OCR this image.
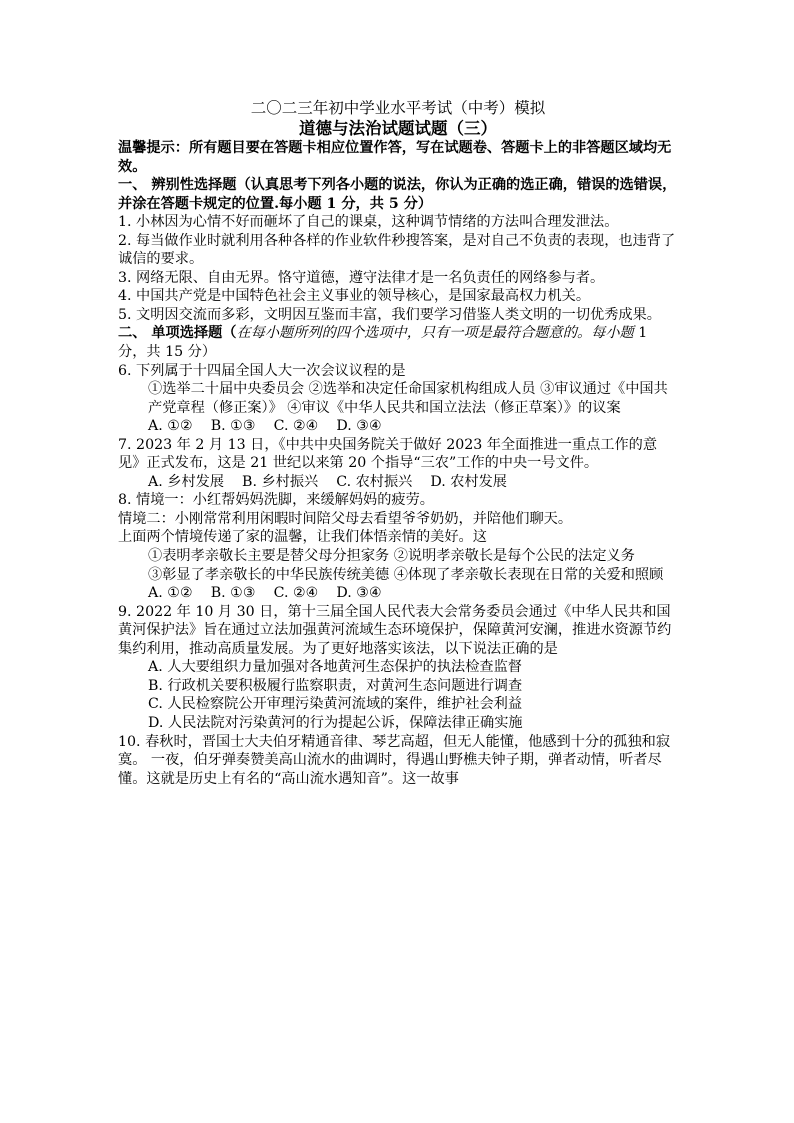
二〇二三年初中学业水平考试（中考）模拟

道德与法治试题试题（三）

温馨提示：所有题目要在答题卡相应位置作答，写在试题卷、答题卡上的非答题区域均无效。

一、 辨别性选择题（认真思考下列各小题的说法，你认为正确的选正确，错误的选错误，并涂在答题卡规定的位置.每小题 1 分，共 5 分）

1. 小林因为心情不好而砸坏了自己的课桌，这种调节情绪的方法叫合理发泄法。

2. 每当做作业时就利用各种各样的作业软件秒搜答案，是对自己不负责的表现，也违背了诚信的要求。

3. 网络无限、自由无界。恪守道德，遵守法律才是一名负责任的网络参与者。

4. 中国共产党是中国特色社会主义事业的领导核心，是国家最高权力机关。

5. 文明因交流而多彩，文明因互鉴而丰富，我们要学习借鉴人类文明的一切优秀成果。

二、 单项选择题（在每小题所列的四个选项中，只有一项是最符合题意的。每小题 1 分，共 15 分）

6. 下列属于十四届全国人大一次会议议程的是

①选举二十届中央委员会 ②选举和决定任命国家机构组成人员 ③审议通过《中国共产党章程（修正案）》 ④审议《中华人民共和国立法法（修正草案）》的议案

A. ①② B. ①③ C. ②④ D. ③④

7. 2023 年 2 月 13 日，《中共中央国务院关于做好 2023 年全面推进一重点工作的意见》正式发布，这是 21 世纪以来第 20 个指导“三农”工作的中央一号文件。

A. 乡村发展 B. 乡村振兴 C. 农村振兴 D. 农村发展

8. 情境一：小红帮妈妈洗脚，来缓解妈妈的疲劳。

情境二：小刚常常利用闲暇时间陪父母去看望爷爷奶奶，并陪他们聊天。

上面两个情境传递了家的温馨，让我们体悟亲情的美好。这

①表明孝亲敬长主要是替父母分担家务 ②说明孝亲敬长是每个公民的法定义务

③彰显了孝亲敬长的中华民族传统美德 ④体现了孝亲敬长表现在日常的关爱和照顾

A. ①② B. ①③ C. ②④ D. ③④

9. 2022 年 10 月 30 日，第十三届全国人民代表大会常务委员会通过《中华人民共和国黄河保护法》旨在通过立法加强黄河流域生态环境保护，保障黄河安澜，推进水资源节约集约利用，推动高质量发展。为了更好地落实该法，以下说法正确的是

A. 人大要组织力量加强对各地黄河生态保护的执法检查监督

B. 行政机关要积极履行监察职责，对黄河生态问题进行调查

C. 人民检察院公开审理污染黄河流域的案件，维护社会利益

D. 人民法院对污染黄河的行为提起公诉，保障法律正确实施

10. 春秋时，晋国士大夫伯牙精通音律、琴艺高超，但无人能懂，他感到十分的孤独和寂寞。 一夜，伯牙弹奏赞美高山流水的曲调时，得遇山野樵夫钟子期，弹者动情，听者尽懂。这就是历史上有名的“高山流水遇知音”。这一故事
